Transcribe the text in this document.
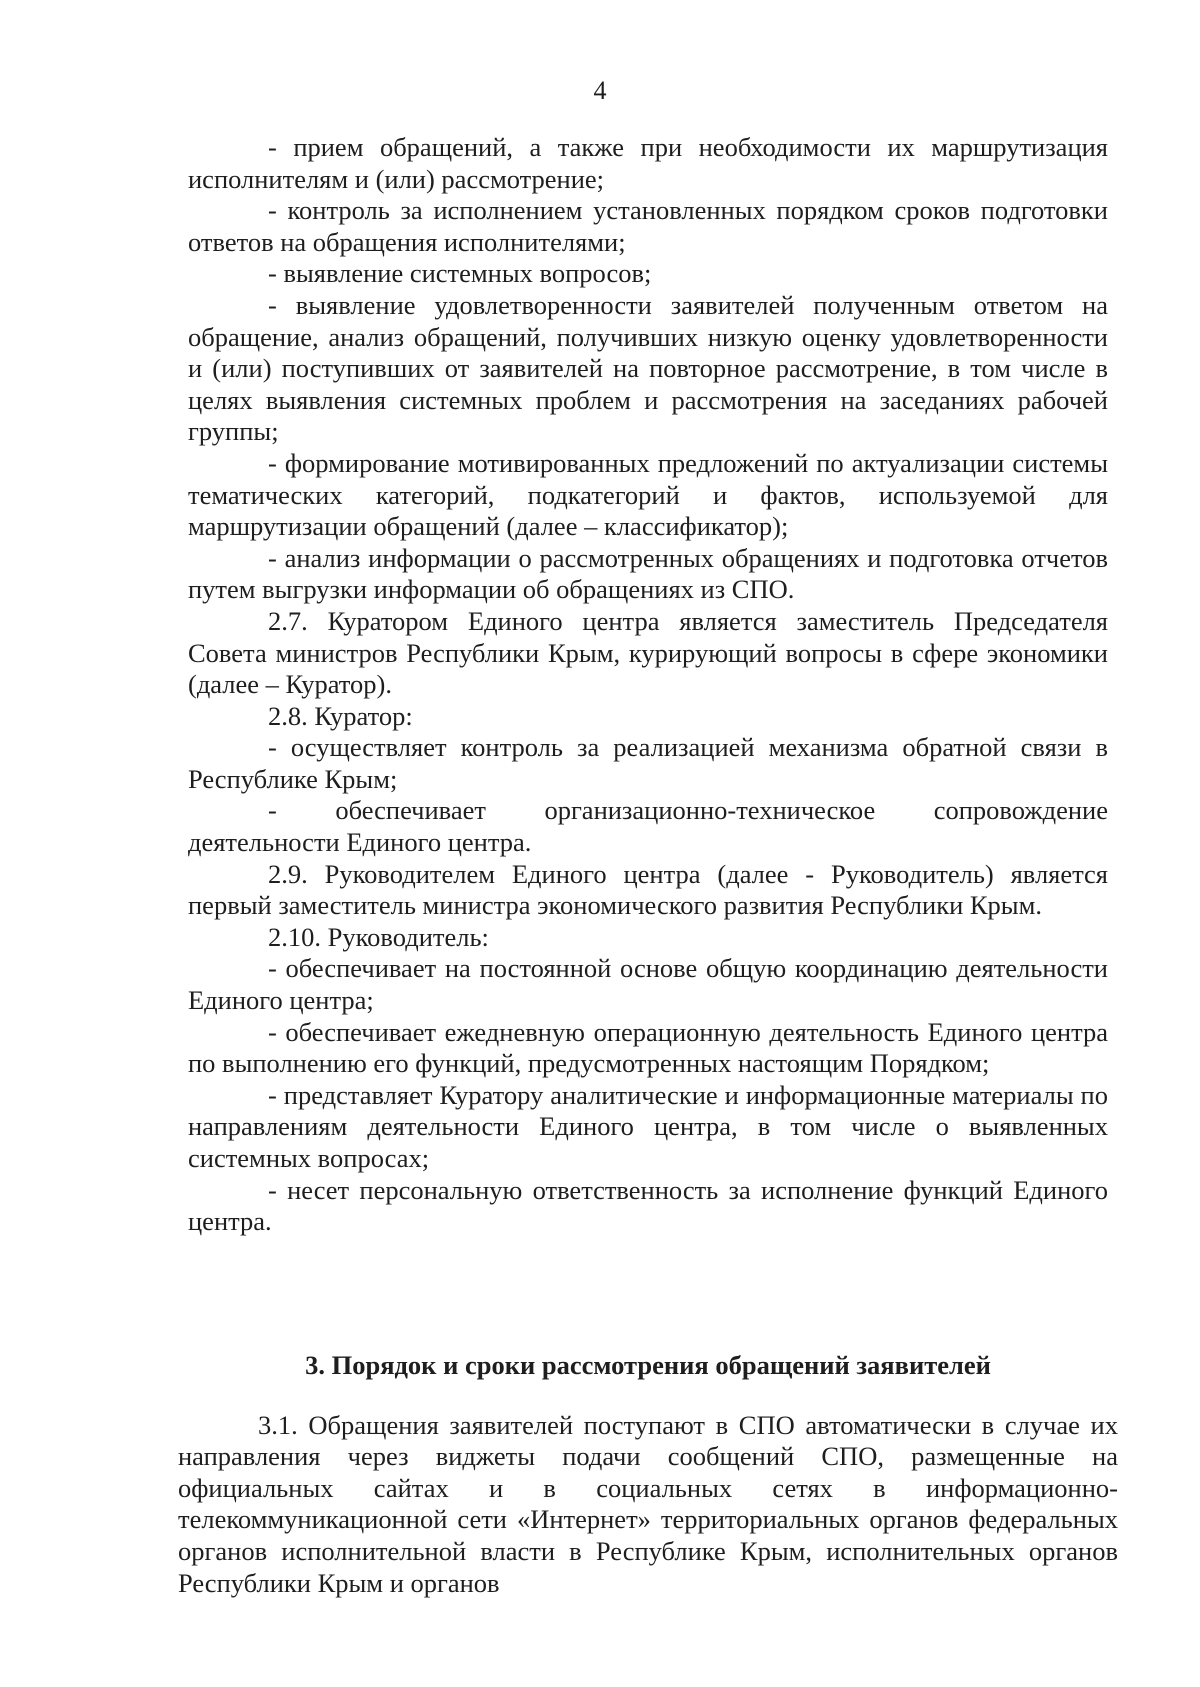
4

- прием обращений, а также при необходимости их маршрутизация исполнителям и (или) рассмотрение;

- контроль за исполнением установленных порядком сроков подготовки ответов на обращения исполнителями;

- выявление системных вопросов;

- выявление удовлетворенности заявителей полученным ответом на обращение, анализ обращений, получивших низкую оценку удовлетворенности и (или) поступивших от заявителей на повторное рассмотрение, в том числе в целях выявления системных проблем и рассмотрения на заседаниях рабочей группы;

- формирование мотивированных предложений по актуализации системы тематических категорий, подкатегорий и фактов, используемой для маршрутизации обращений (далее – классификатор);

- анализ информации о рассмотренных обращениях и подготовка отчетов путем выгрузки информации об обращениях из СПО.

2.7. Куратором Единого центра является заместитель Председателя Совета министров Республики Крым, курирующий вопросы в сфере экономики (далее – Куратор).

2.8. Куратор:

- осуществляет контроль за реализацией механизма обратной связи в Республике Крым;

- обеспечивает организационно-техническое сопровождение деятельности Единого центра.

2.9. Руководителем Единого центра (далее - Руководитель) является первый заместитель министра экономического развития Республики Крым.

2.10. Руководитель:

- обеспечивает на постоянной основе общую координацию деятельности Единого центра;

- обеспечивает ежедневную операционную деятельность Единого центра по выполнению его функций, предусмотренных настоящим Порядком;

- представляет Куратору аналитические и информационные материалы по направлениям деятельности Единого центра, в том числе о выявленных системных вопросах;

- несет персональную ответственность за исполнение функций Единого центра.

3. Порядок и сроки рассмотрения обращений заявителей

3.1. Обращения заявителей поступают в СПО автоматически в случае их направления через виджеты подачи сообщений СПО, размещенные на официальных сайтах и в социальных сетях в информационно- телекоммуникационной сети «Интернет» территориальных органов федеральных органов исполнительной власти в Республике Крым, исполнительных органов Республики Крым и органов
